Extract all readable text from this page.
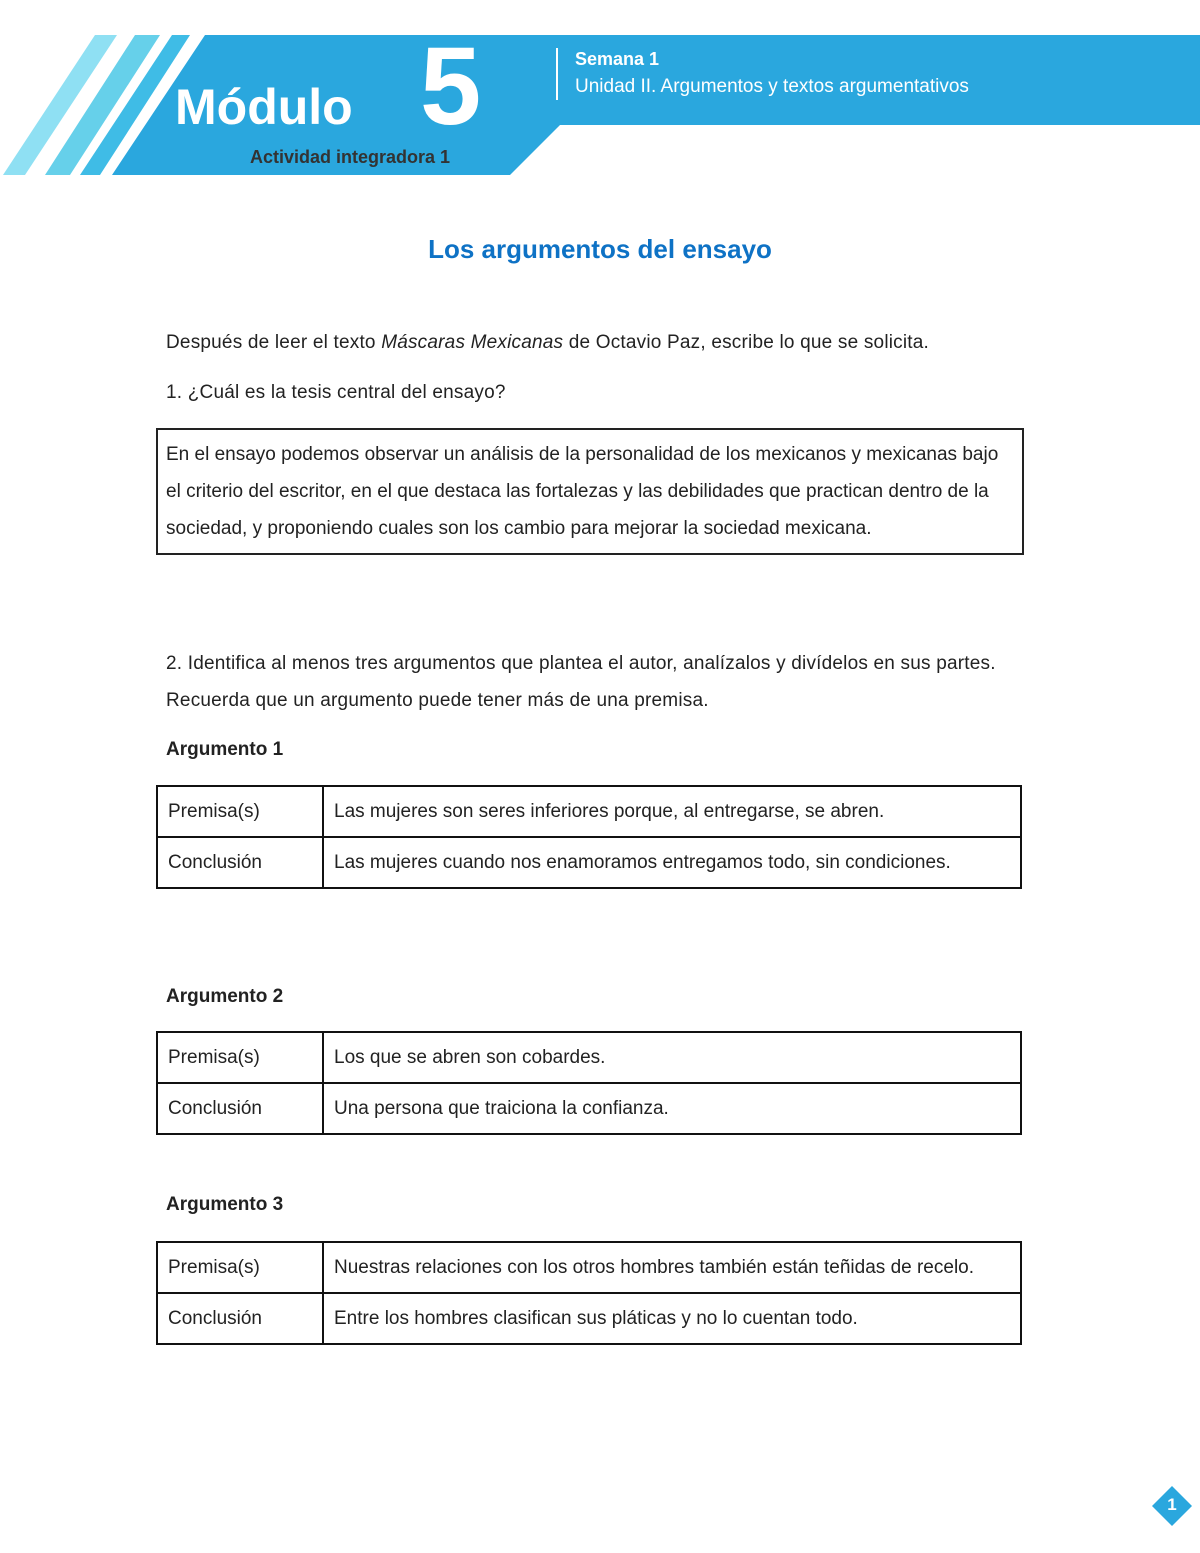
Módulo 5	Semana 1
Unidad II. Argumentos y textos argumentativos
Actividad integradora 1
Los argumentos del ensayo
Después de leer el texto Máscaras Mexicanas de Octavio Paz, escribe lo que se solicita.
1. ¿Cuál es la tesis central del ensayo?
En el ensayo podemos observar un análisis de la personalidad de los mexicanos y mexicanas bajo el criterio del escritor, en el que destaca las fortalezas y las debilidades que practican dentro de la sociedad, y proponiendo cuales son los cambio para mejorar la sociedad mexicana.
2. Identifica al menos tres argumentos que plantea el autor, analízalos y divídelos en sus partes. Recuerda que un argumento puede tener más de una premisa.
Argumento 1
Premisa(s)	Las mujeres son seres inferiores porque, al entregarse, se abren.
Conclusión	Las mujeres cuando nos enamoramos entregamos todo, sin condiciones.
Argumento 2
Premisa(s)	Los que se abren son cobardes.
Conclusión	Una persona que traiciona la confianza.
Argumento 3
Premisa(s)	Nuestras relaciones con los otros hombres también están teñidas de recelo.
Conclusión	Entre los hombres clasifican sus pláticas y no lo cuentan todo.
1
